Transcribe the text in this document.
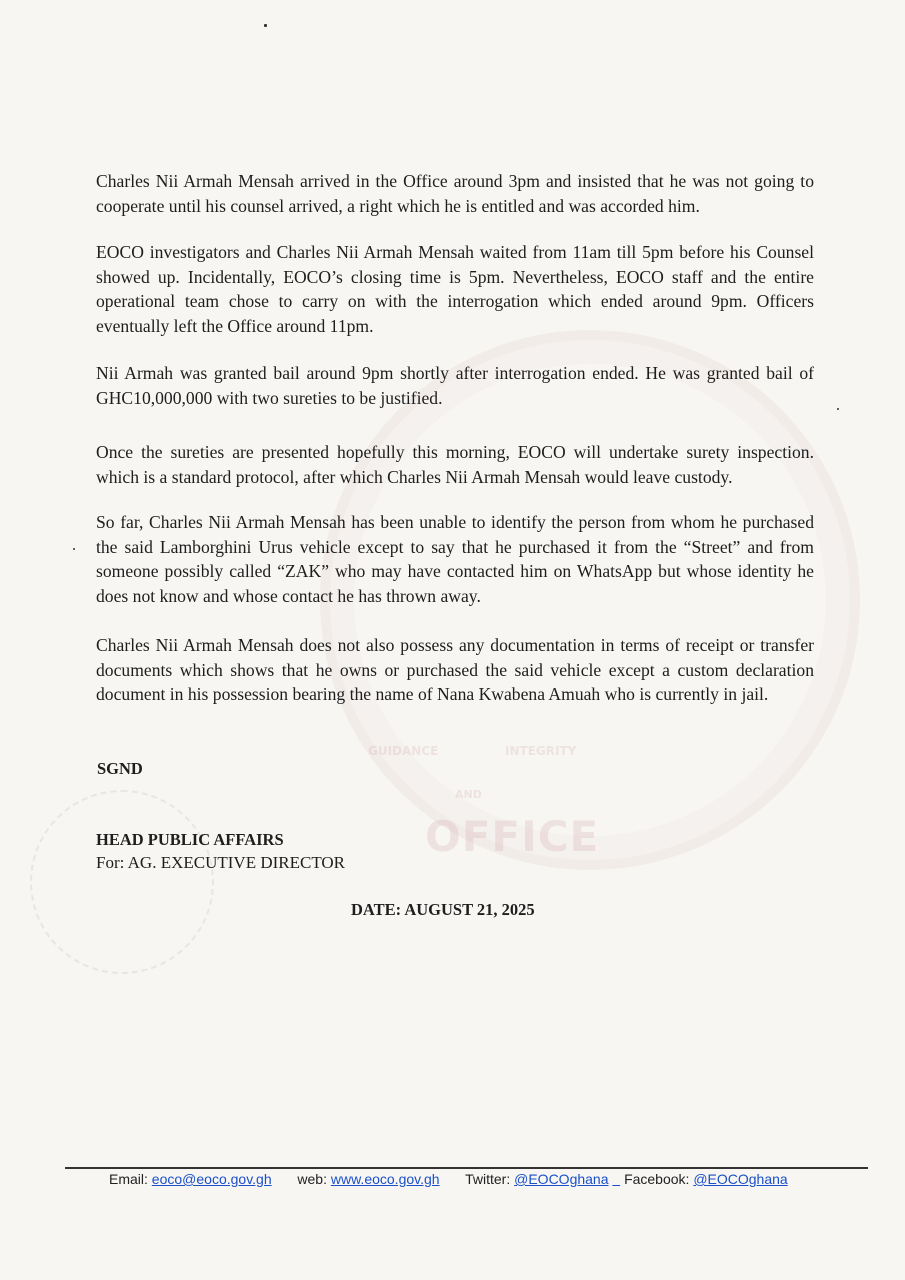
GUIDANCE	INTEGRITY
AND
OFFICE

Charles Nii Armah Mensah arrived in the Office around 3pm and insisted that he was not going to cooperate until his counsel arrived, a right which he is entitled and was accorded him.

EOCO investigators and Charles Nii Armah Mensah waited from 11am till 5pm before his Counsel showed up. Incidentally, EOCO’s closing time is 5pm. Nevertheless, EOCO staff and the entire operational team chose to carry on with the interrogation which ended around 9pm. Officers eventually left the Office around 11pm.

Nii Armah was granted bail around 9pm shortly after interrogation ended. He was granted bail of GHC10,000,000 with two sureties to be justified.

Once the sureties are presented hopefully this morning, EOCO will undertake surety inspection. which is a standard protocol, after which Charles Nii Armah Mensah would leave custody.

So far, Charles Nii Armah Mensah has been unable to identify the person from whom he purchased the said Lamborghini Urus vehicle except to say that he purchased it from the “Street” and from someone possibly called “ZAK” who may have contacted him on WhatsApp but whose identity he does not know and whose contact he has thrown away.

Charles Nii Armah Mensah does not also possess any documentation in terms of receipt or transfer documents which shows that he owns or purchased the said vehicle except a custom declaration document in his possession bearing the name of Nana Kwabena Amuah who is currently in jail.

SGND
HEAD PUBLIC AFFAIRS
For: AG. EXECUTIVE DIRECTOR
DATE: AUGUST 21, 2025
Email: eoco@eoco.gov.gh web: www.eoco.gov.gh Twitter: @EOCOghana Facebook: @EOCOghana
